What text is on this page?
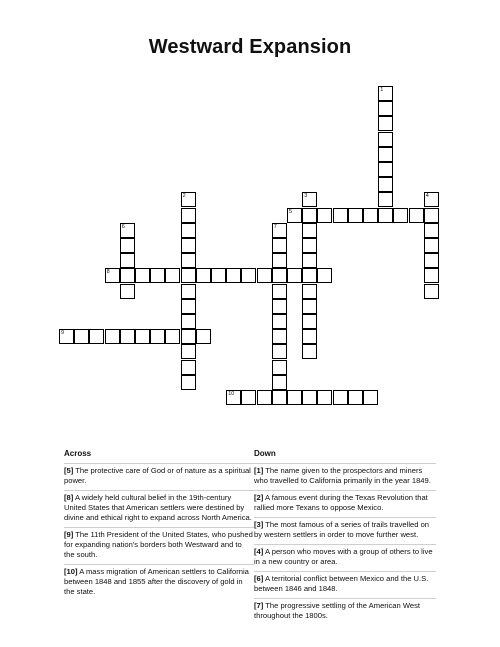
Westward Expansion
1
2	3	4
5
6	7
8
9
10
Across	Down
[5] The protective care of God or of nature as a spiritual power.
[8] A widely held cultural belief in the 19th-century United States that American settlers were destined by divine and ethical right to expand across North America.
[9] The 11th President of the United States, who pushed for expanding nation's borders both Westward and to the south.
[10] A mass migration of American settlers to California between 1848 and 1855 after the discovery of gold in the state.
[1] The name given to the prospectors and miners who travelled to California primarily in the year 1849.
[2] A famous event during the Texas Revolution that rallied more Texans to oppose Mexico.
[3] The most famous of a series of trails travelled on by western settlers in order to move further west.
[4] A person who moves with a group of others to live in a new country or area.
[6] A territorial conflict between Mexico and the U.S. between 1846 and 1848.
[7] The progressive settling of the American West throughout the 1800s.
